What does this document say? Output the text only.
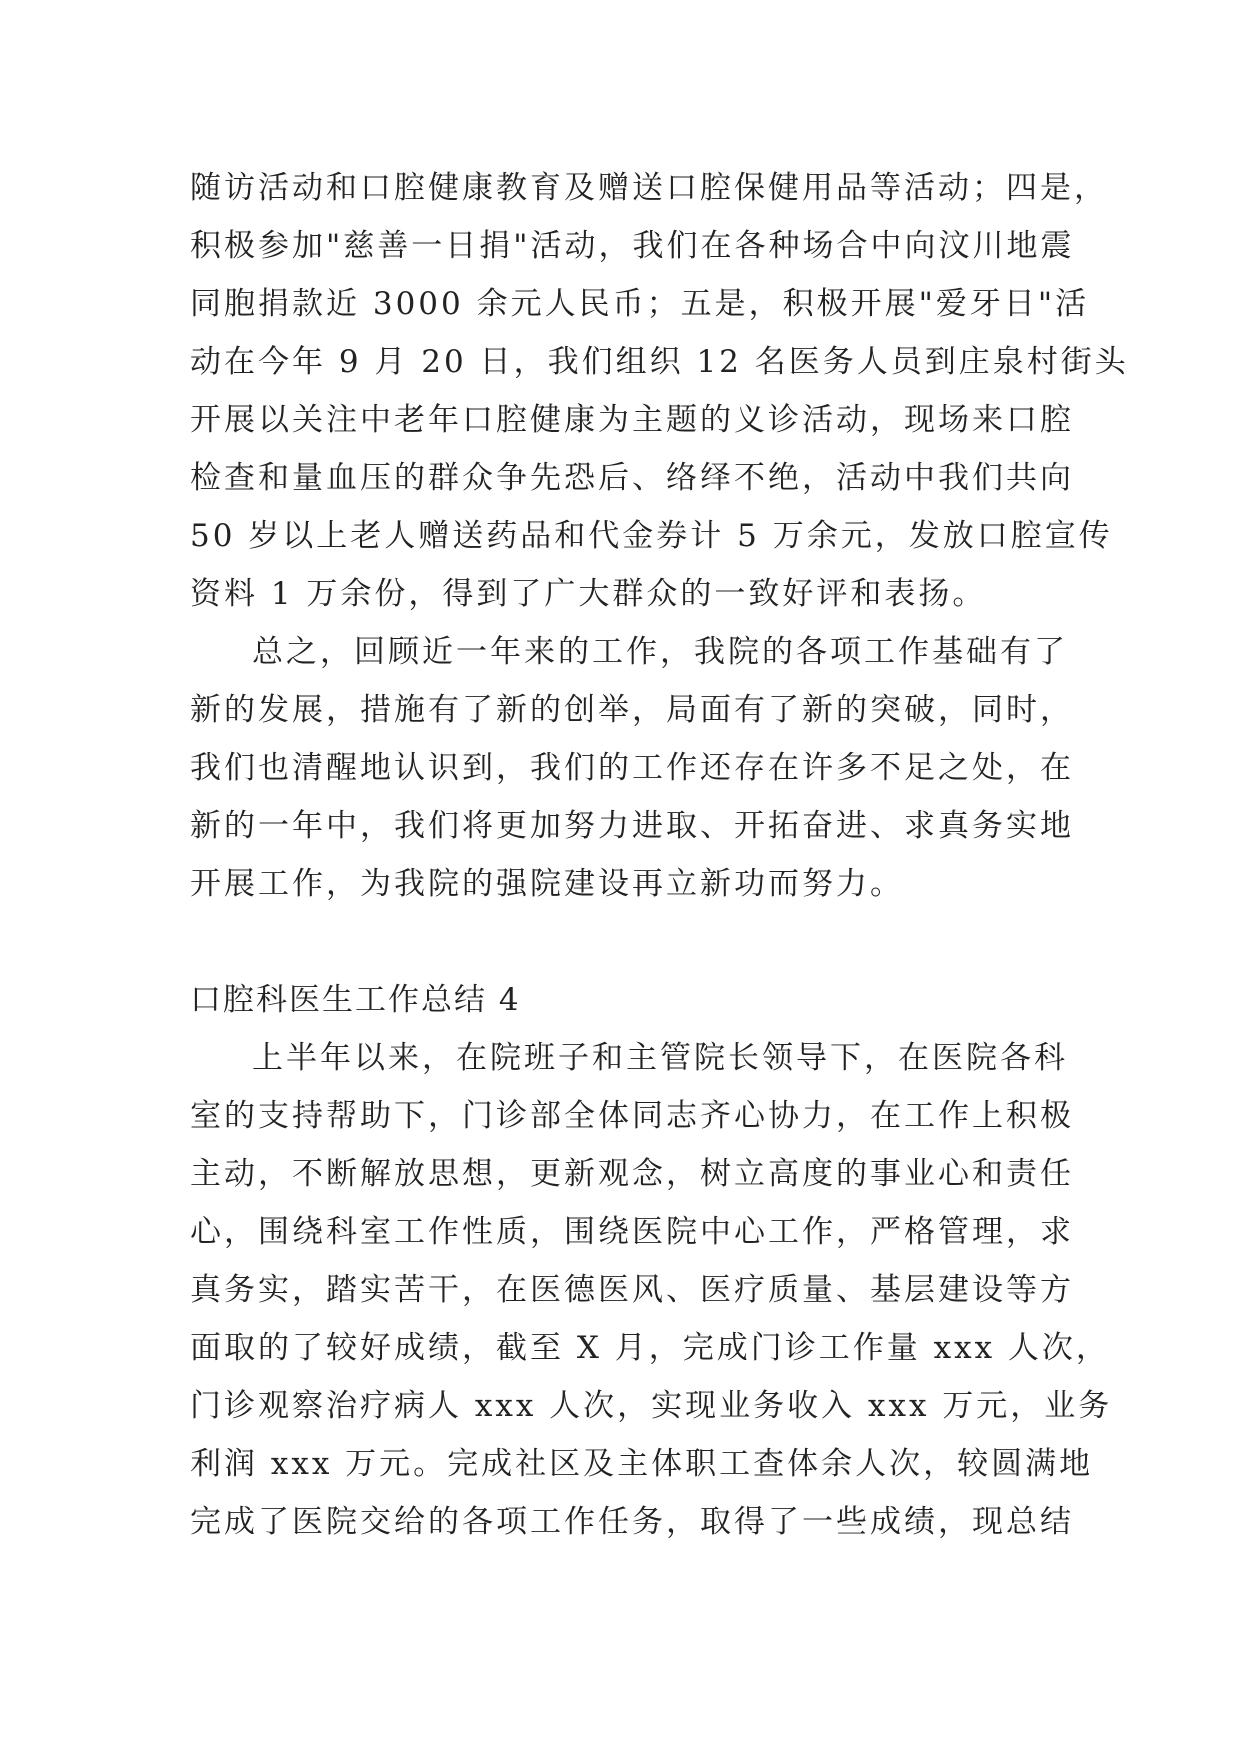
随访活动和口腔健康教育及赠送口腔保健用品等活动；四是，
积极参加"慈善一日捐"活动，我们在各种场合中向汶川地震
同胞捐款近 3000 余元人民币；五是，积极开展"爱牙日"活
动在今年 9 月 20 日，我们组织 12 名医务人员到庄泉村街头
开展以关注中老年口腔健康为主题的义诊活动，现场来口腔
检查和量血压的群众争先恐后、络绎不绝，活动中我们共向
50 岁以上老人赠送药品和代金券计 5 万余元，发放口腔宣传
资料 1 万余份，得到了广大群众的一致好评和表扬。
总之，回顾近一年来的工作，我院的各项工作基础有了
新的发展，措施有了新的创举，局面有了新的突破，同时，
我们也清醒地认识到，我们的工作还存在许多不足之处，在
新的一年中，我们将更加努力进取、开拓奋进、求真务实地
开展工作，为我院的强院建设再立新功而努力。
口腔科医生工作总结 4
上半年以来，在院班子和主管院长领导下，在医院各科
室的支持帮助下，门诊部全体同志齐心协力，在工作上积极
主动，不断解放思想，更新观念，树立高度的事业心和责任
心，围绕科室工作性质，围绕医院中心工作，严格管理，求
真务实，踏实苦干，在医德医风、医疗质量、基层建设等方
面取的了较好成绩，截至 X 月，完成门诊工作量 xxx 人次，
门诊观察治疗病人 xxx 人次，实现业务收入 xxx 万元，业务
利润 xxx 万元。完成社区及主体职工查体余人次，较圆满地
完成了医院交给的各项工作任务，取得了一些成绩，现总结
